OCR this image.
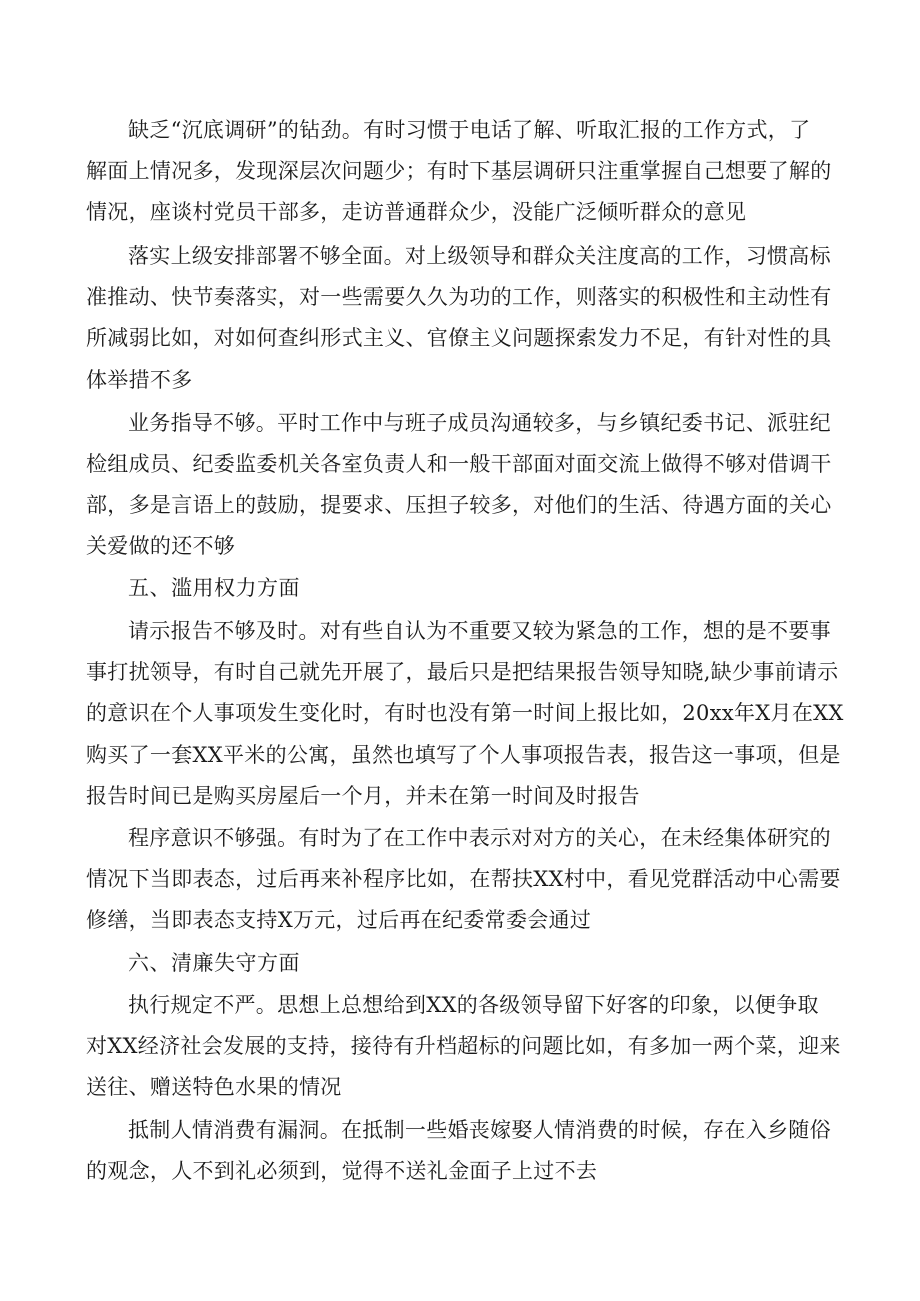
缺乏“沉底调研”的钻劲。有时习惯于电话了解、听取汇报的工作方式，了
解面上情况多，发现深层次问题少；有时下基层调研只注重掌握自己想要了解的
情况，座谈村党员干部多，走访普通群众少，没能广泛倾听群众的意见
落实上级安排部署不够全面。对上级领导和群众关注度高的工作，习惯高标
准推动、快节奏落实，对一些需要久久为功的工作，则落实的积极性和主动性有
所减弱比如，对如何查纠形式主义、官僚主义问题探索发力不足，有针对性的具
体举措不多
业务指导不够。平时工作中与班子成员沟通较多，与乡镇纪委书记、派驻纪
检组成员、纪委监委机关各室负责人和一般干部面对面交流上做得不够对借调干
部，多是言语上的鼓励，提要求、压担子较多，对他们的生活、待遇方面的关心
关爱做的还不够
五、滥用权力方面
请示报告不够及时。对有些自认为不重要又较为紧急的工作，想的是不要事
事打扰领导，有时自己就先开展了，最后只是把结果报告领导知晓,缺少事前请示
的意识在个人事项发生变化时，有时也没有第一时间上报比如，20xx年X月在XX
购买了一套XX平米的公寓，虽然也填写了个人事项报告表，报告这一事项，但是
报告时间已是购买房屋后一个月，并未在第一时间及时报告
程序意识不够强。有时为了在工作中表示对对方的关心，在未经集体研究的
情况下当即表态，过后再来补程序比如，在帮扶XX村中，看见党群活动中心需要
修缮，当即表态支持X万元，过后再在纪委常委会通过
六、清廉失守方面
执行规定不严。思想上总想给到XX的各级领导留下好客的印象，以便争取
对XX经济社会发展的支持，接待有升档超标的问题比如，有多加一两个菜，迎来
送往、赠送特色水果的情况
抵制人情消费有漏洞。在抵制一些婚丧嫁娶人情消费的时候，存在入乡随俗
的观念，人不到礼必须到，觉得不送礼金面子上过不去
